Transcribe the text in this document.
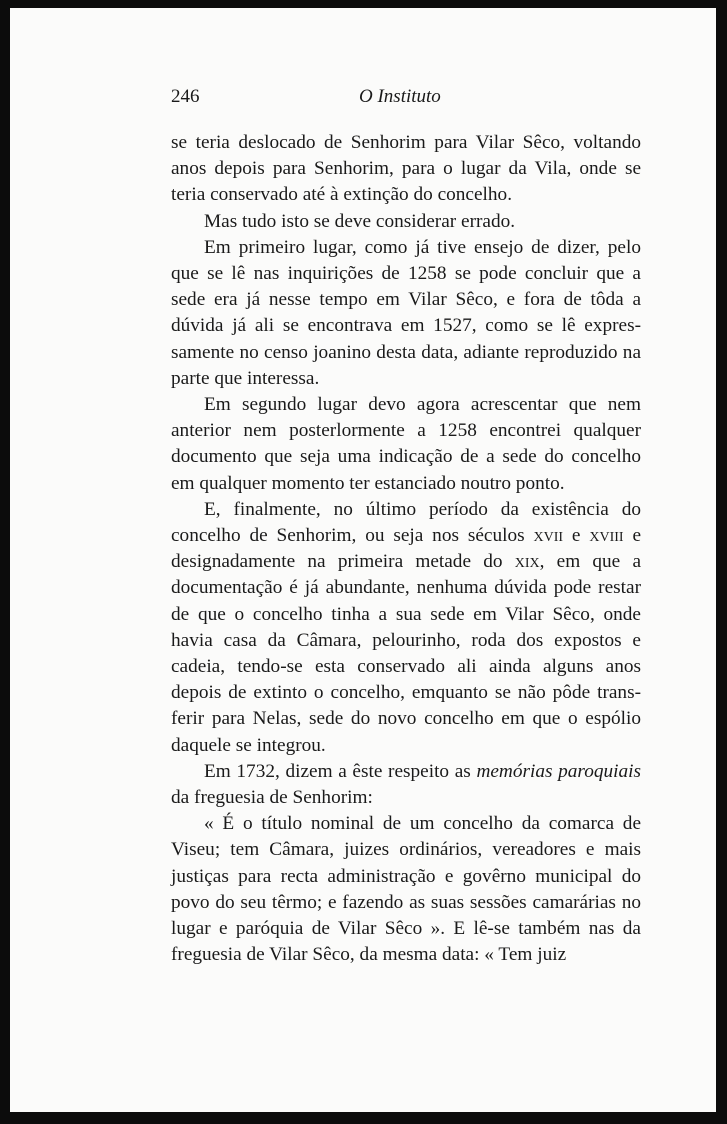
246	O Instituto

se teria deslocado de Senhorim para Vilar Sêco, voltando anos depois para Senhorim, para o lugar da Vila, onde se teria conservado até à extinção do concelho.

Mas tudo isto se deve considerar errado.

Em primeiro lugar, como já tive ensejo de dizer, pelo que se lê nas inquirições de 1258 se pode concluir que a sede era já nesse tempo em Vilar Sêco, e fora de tôda a dúvida já ali se encontrava em 1527, como se lê expres- samente no censo joanino desta data, adiante reproduzido na parte que interessa.

Em segundo lugar devo agora acrescentar que nem anterior nem posterlormente a 1258 encontrei qualquer documento que seja uma indicação de a sede do concelho em qualquer momento ter estanciado noutro ponto.

E, finalmente, no último período da existência do concelho de Senhorim, ou seja nos séculos xvii e xviii e designadamente na primeira metade do xix, em que a documentação é já abundante, nenhuma dúvida pode restar de que o concelho tinha a sua sede em Vilar Sêco, onde havia casa da Câmara, pelourinho, roda dos expostos e cadeia, tendo-se esta conservado ali ainda alguns anos depois de extinto o concelho, emquanto se não pôde trans- ferir para Nelas, sede do novo concelho em que o espólio daquele se integrou.

Em 1732, dizem a êste respeito as memórias paroquiais da freguesia de Senhorim:

« É o título nominal de um concelho da comarca de Viseu; tem Câmara, juizes ordinários, vereadores e mais justiças para recta administração e govêrno municipal do povo do seu têrmo; e fazendo as suas sessões camarárias no lugar e paróquia de Vilar Sêco ». E lê-se também nas da freguesia de Vilar Sêco, da mesma data: « Tem juiz
